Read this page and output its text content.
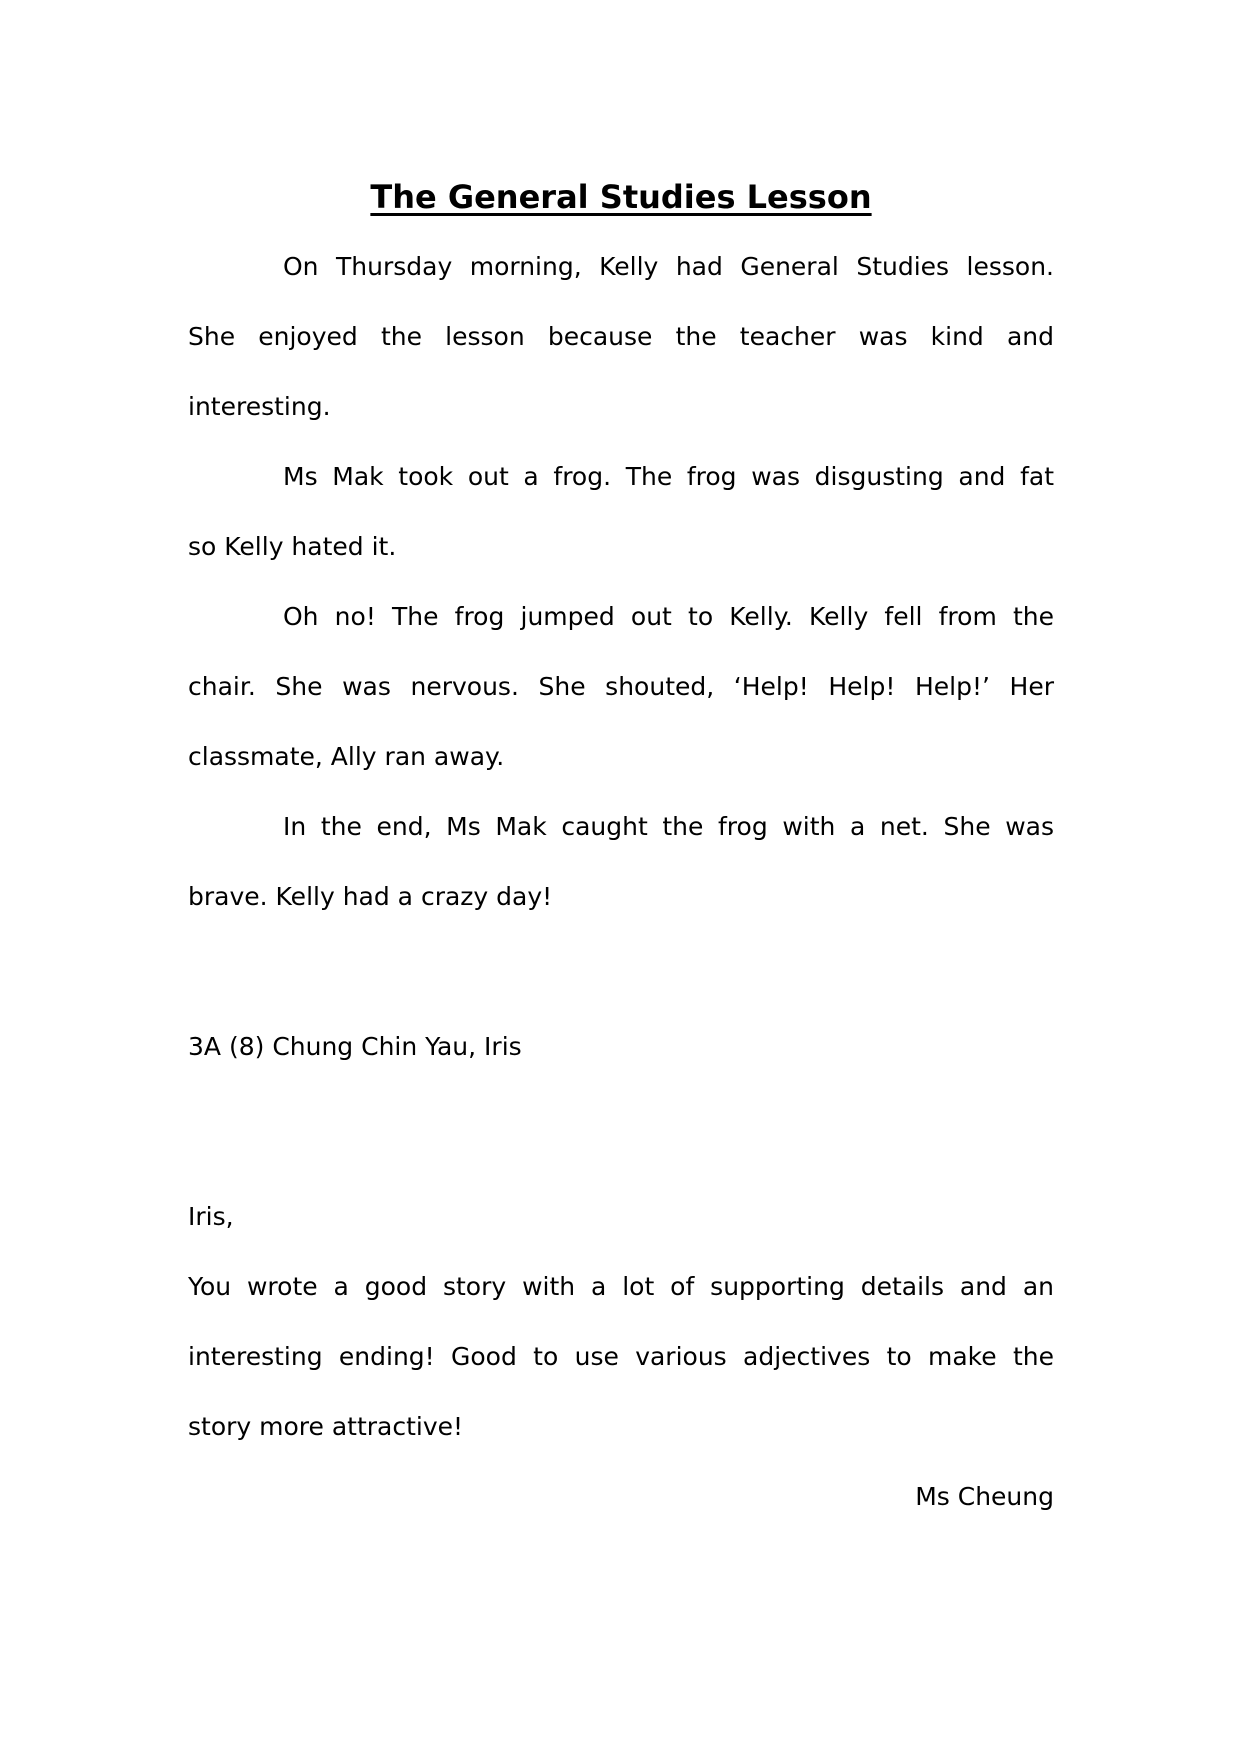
The General Studies Lesson
On Thursday morning, Kelly had General Studies lesson.
She enjoyed the lesson because the teacher was kind and
interesting.
Ms Mak took out a frog. The frog was disgusting and fat
so Kelly hated it.
Oh no! The frog jumped out to Kelly. Kelly fell from the
chair. She was nervous. She shouted, ‘Help! Help! Help!’ Her
classmate, Ally ran away.
In the end, Ms Mak caught the frog with a net. She was
brave. Kelly had a crazy day!
3A (8) Chung Chin Yau, Iris
Iris,
You wrote a good story with a lot of supporting details and an
interesting ending! Good to use various adjectives to make the
story more attractive!
Ms Cheung
